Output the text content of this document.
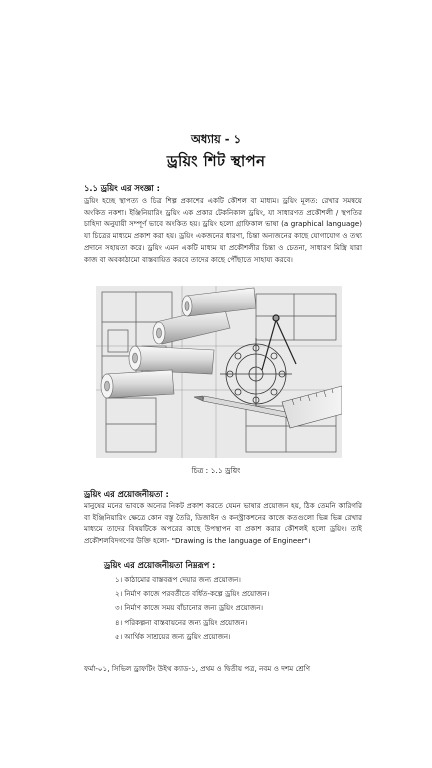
অধ্যায় - ১
ড্রয়িং শিট স্থাপন
১.১ ড্রয়িং এর সংজ্ঞা :

ড্রয়িং হচ্ছে স্থাপত্য ও চিত্র শিল্প প্রকাশের একটি কৌশল বা মাধ্যম। ড্রয়িং মূলত: রেখার সমন্বয়ে অংকিত নকশা। ইঞ্জিনিয়ারিং ড্রয়িং এক প্রকার টেকনিকাল ড্রয়িং, যা সাধারণত প্রকৌশলী / স্থপতির চাহিদা অনুযায়ী সম্পূর্ণ ভাবে অংকিত হয়। ড্রয়িং হলো গ্রাফিকাল ভাষা (a graphical language) যা চিত্রের মাধ্যমে প্রকাশ করা হয়। ড্রয়িং একজনের ধারণা, চিন্তা অন্যজনের কাছে যোগাযোগ ও তথ্য প্রদানে সহায়তা করে। ড্রয়িং এমন একটি মাধ্যম যা প্রকৌশলীর চিন্তা ও চেতনা, সাধারণ মিস্ত্রি যারা কাজ বা অবকাঠামো বাস্তবায়িত করবে তাদের কাছে পৌঁছাতে সাহায্য করবে।

চিত্র : ১.১ ড্রয়িং
ড্রয়িং এর প্রয়োজনীয়তা :

মানুষের মনের ভাবকে অন্যের নিকট প্রকাশ করতে যেমন ভাষার প্রয়োজন হয়, ঠিক তেমনি কারিগরি বা ইঞ্জিনিয়ারিং ক্ষেত্রে কোন বস্তু তৈরি, ডিজাইন ও কনস্ট্রাকশনের কাজে কতগুলো ভিন্ন ভিন্ন রেখার মাধ্যমে তাদের বিষয়টিকে অপরের কাছে উপস্থাপন বা প্রকাশ করার কৌশলই হলো ড্রয়িং। তাই প্রকৌশলবিদগণের উক্তি হলো- "Drawing is the language of Engineer"।

ড্রয়িং এর প্রয়োজনীয়তা নিম্নরূপ :
১। কাঠামোর বাস্তবরূপ দেয়ার জন্য প্রয়োজন।
২। নির্মাণ কাজে পরবর্তীতে বর্ধিত-কল্পে ড্রয়িং প্রয়োজন।
৩। নির্মাণ কাজে সময় বাঁচানোর জন্য ড্রয়িং প্রয়োজন।
৪। পরিকল্পনা বাস্তবায়নের জন্য ড্রয়িং প্রয়োজন।
৫। আর্থিক সাশ্রয়ের জন্য ড্রয়িং প্রয়োজন।
ফর্মা-০১, সিভিল ড্রাফটিং উইথ ক্যাড-১, প্রথম ও দ্বিতীয় পত্র, নবম ও দশম শ্রেণি
